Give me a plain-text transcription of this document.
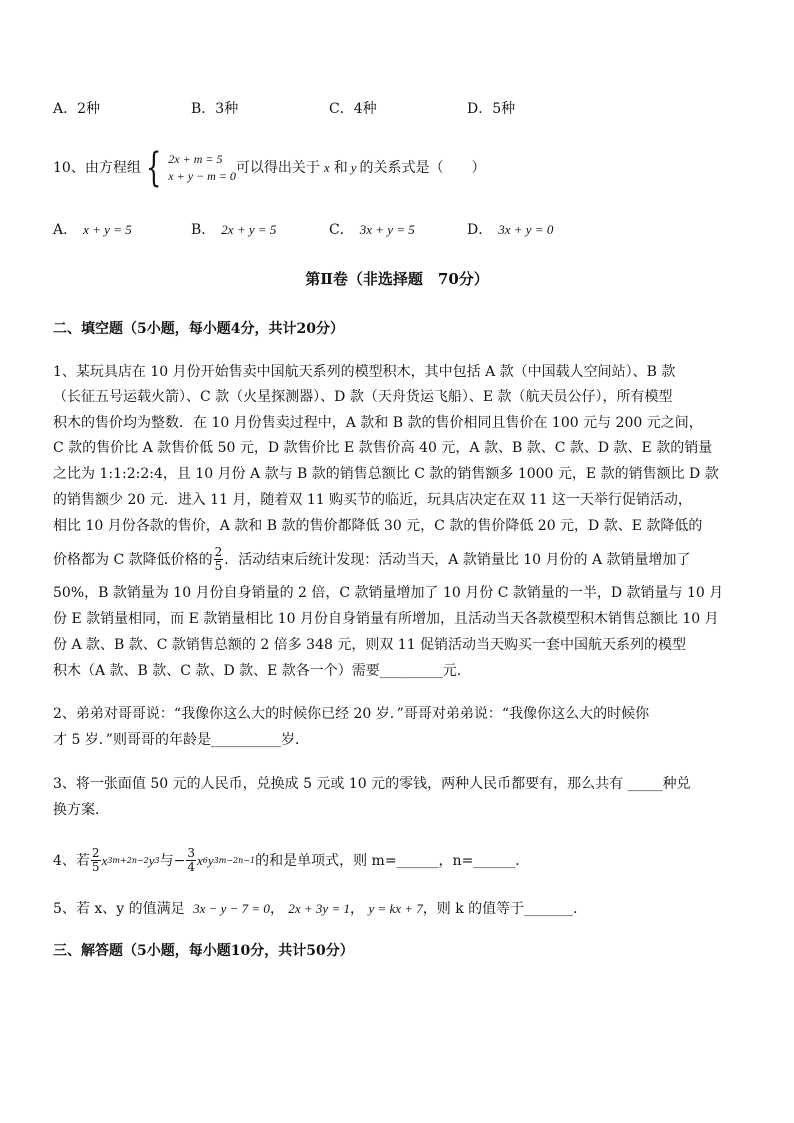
A．2种	B．3种	C．4种	D．5种
10、由方程组 { 2x + m = 5
x + y − m = 0 可以得出关于 x 和 y 的关系式是（　　）
A． x + y = 5	B． 2x + y = 5	C． 3x + y = 5	D． 3x + y = 0
第Ⅱ卷（非选择题　70分）
二、填空题（5小题，每小题4分，共计20分）
1、某玩具店在 10 月份开始售卖中国航天系列的模型积木，其中包括 A 款（中国载人空间站）、B 款
（长征五号运载火箭）、C 款（火星探测器）、D 款（天舟货运飞船）、E 款（航天员公仔），所有模型
积木的售价均为整数．在 10 月份售卖过程中，A 款和 B 款的售价相同且售价在 100 元与 200 元之间，
C 款的售价比 A 款售价低 50 元，D 款售价比 E 款售价高 40 元，A 款、B 款、C 款、D 款、E 款的销量
之比为 1:1:2:2:4，且 10 月份 A 款与 B 款的销售总额比 C 款的销售额多 1000 元，E 款的销售额比 D 款
的销售额少 20 元．进入 11 月，随着双 11 购买节的临近，玩具店决定在双 11 这一天举行促销活动，
相比 10 月份各款的售价，A 款和 B 款的售价都降低 30 元，C 款的售价降低 20 元，D 款、E 款降低的
价格都为 C 款降低价格的 $\frac{2}{5}$ ．活动结束后统计发现：活动当天，A 款销量比 10 月份的 A 款销量增加了
50%，B 款销量为 10 月份自身销量的 2 倍，C 款销量增加了 10 月份 C 款销量的一半，D 款销量与 10 月
份 E 款销量相同，而 E 款销量相比 10 月份自身销量有所增加，且活动当天各款模型积木销售总额比 10 月
份 A 款、B 款、C 款销售总额的 2 倍多 348 元，则双 11 促销活动当天购买一套中国航天系列的模型
积木（A 款、B 款、C 款、D 款、E 款各一个）需要_________元．
2、弟弟对哥哥说：“我像你这么大的时候你已经 20 岁．”哥哥对弟弟说：“我像你这么大的时候你
才 5 岁．”则哥哥的年龄是__________岁．
3、将一张面值 50 元的人民币，兑换成 5 元或 10 元的零钱，两种人民币都要有，那么共有 _____种兑
换方案．
4、若 $\frac{2}{5}$ x 3m+2n−2 y 3 与 − $\frac{3}{4}$ x 6 y 3m−2n−1 的和是单项式，则 m=______，n=______．
5、若 x、y 的值满足 3x − y − 7 = 0， 2x + 3y = 1， y = kx + 7，则 k 的值等于_______．
三、解答题（5小题，每小题10分，共计50分）
